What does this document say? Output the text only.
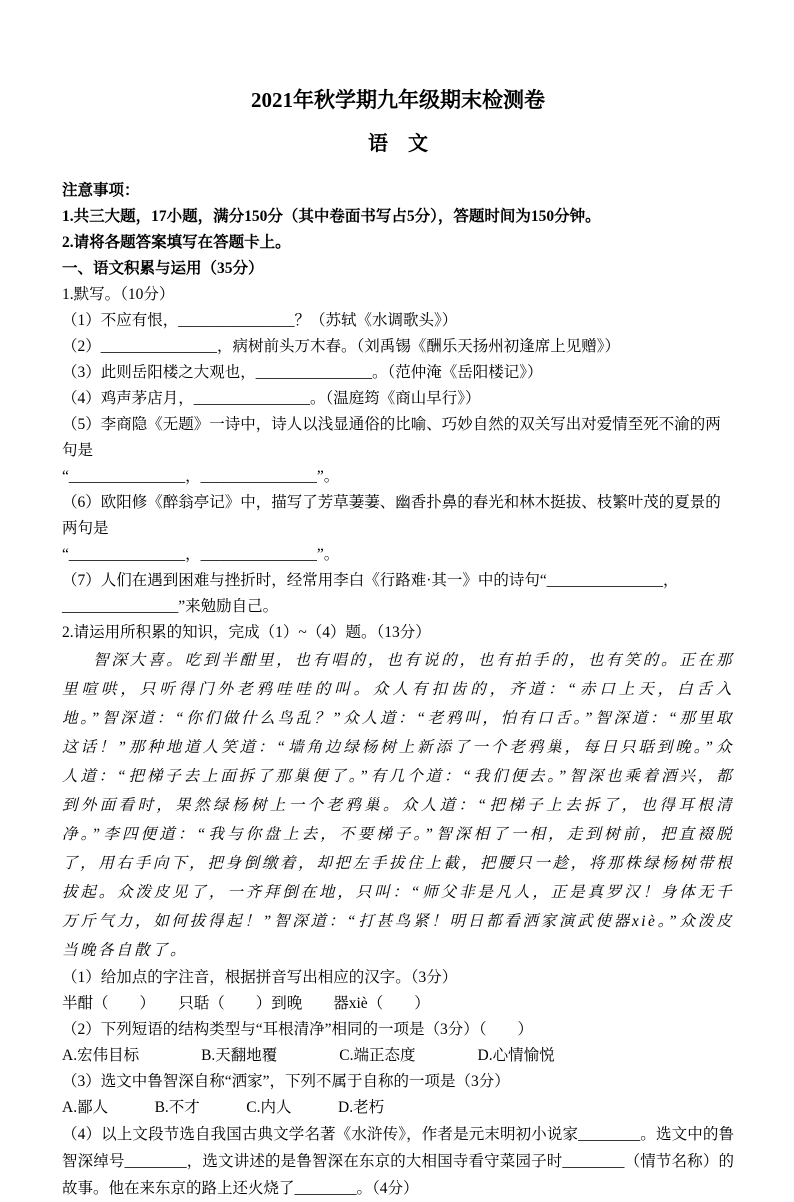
2021年秋学期九年级期末检测卷
语　文

注意事项：

1.共三大题，17小题，满分150分（其中卷面书写占5分），答题时间为150分钟。

2.请将各题答案填写在答题卡上。

一、语文积累与运用（35分）

1.默写。（10分）

（1）不应有恨，_______________？（苏轼《水调歌头》）

（2）_______________，病树前头万木春。（刘禹锡《酬乐天扬州初逢席上见赠》）

（3）此则岳阳楼之大观也，_______________。（范仲淹《岳阳楼记》）

（4）鸡声茅店月，_______________。（温庭筠《商山早行》）

（5）李商隐《无题》一诗中，诗人以浅显通俗的比喻、巧妙自然的双关写出对爱情至死不渝的两句是

“_______________，_______________”。

（6）欧阳修《醉翁亭记》中，描写了芳草萋萋、幽香扑鼻的春光和林木挺拔、枝繁叶茂的夏景的两句是

“_______________，_______________”。

（7）人们在遇到困难与挫折时，经常用李白《行路难·其一》中的诗句“_______________，

_______________”来勉励自己。

2.请运用所积累的知识，完成（1）~（4）题。（13分）

智深大喜。吃到半酣里，也有唱的，也有说的，也有拍手的，也有笑的。正在那里喧哄，只听得门外老鸦哇哇的叫。众人有扣齿的，齐道：“赤口上天，白舌入地。”智深道：“你们做什么鸟乱？”众人道：“老鸦叫，怕有口舌。”智深道：“那里取这话！”那种地道人笑道：“墙角边绿杨树上新添了一个老鸦巢，每日只聒到晚。”众人道：“把梯子去上面拆了那巢便了。”有几个道：“我们便去。”智深也乘着酒兴，都到外面看时，果然绿杨树上一个老鸦巢。众人道：“把梯子上去拆了，也得耳根清净。”李四便道：“我与你盘上去，不要梯子。”智深相了一相，走到树前，把直裰脱了，用右手向下，把身倒缴着，却把左手拔住上截，把腰只一趁，将那株绿杨树带根拔起。众泼皮见了，一齐拜倒在地，只叫：“师父非是凡人，正是真罗汉！身体无千万斤气力，如何拔得起！”智深道：“打甚鸟紧！明日都看洒家演武使器xiè。”众泼皮当晚各自散了。

（1）给加点的字注音，根据拼音写出相应的汉字。（3分）

半酣（　　）　　只聒（　　）到晚　　器xiè（　　）

（2）下列短语的结构类型与“耳根清净”相同的一项是（3分）（　　）

A.宏伟目标　　　　B.天翻地覆　　　　C.端正态度　　　　D.心情愉悦

（3）选文中鲁智深自称“洒家”，下列不属于自称的一项是（3分）

A.鄙人　　　B.不才　　　C.内人　　　D.老朽

（4）以上文段节选自我国古典文学名著《水浒传》，作者是元末明初小说家________。选文中的鲁智深绰号________，选文讲述的是鲁智深在东京的大相国寺看守菜园子时________（情节名称）的故事。他在来东京的路上还火烧了________。（4分）
